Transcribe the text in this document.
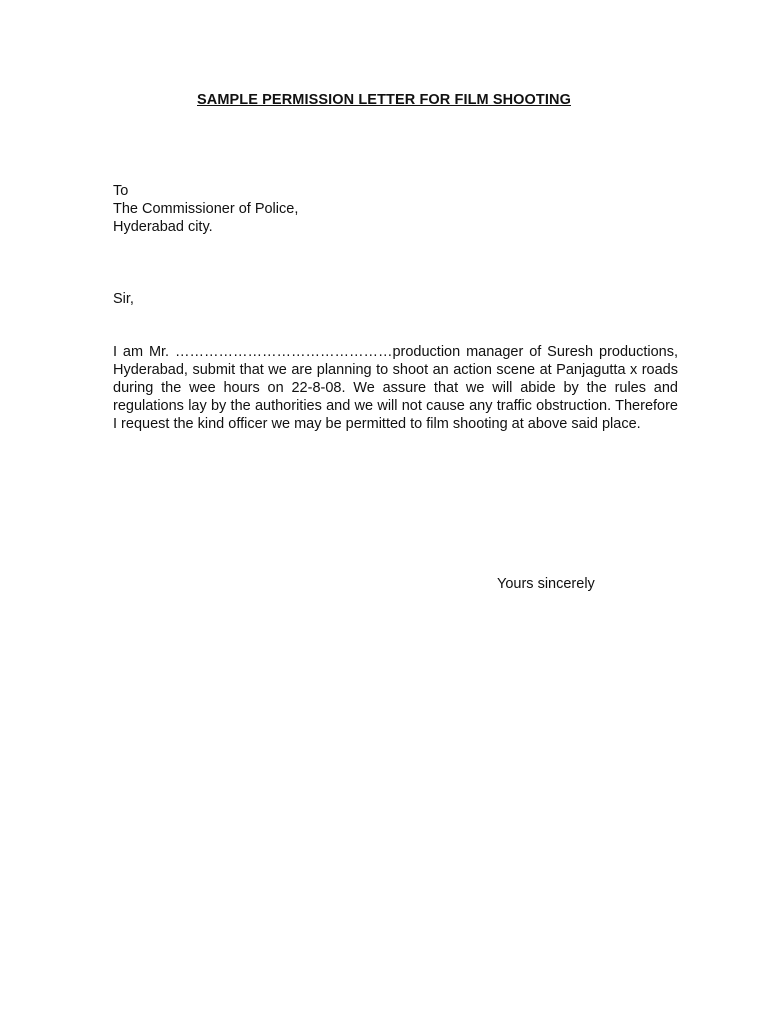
SAMPLE PERMISSION LETTER FOR FILM SHOOTING
To
The Commissioner of Police,
Hyderabad city.
Sir,

I am Mr. ………………………………………production manager of Suresh productions, Hyderabad, submit that we are planning to shoot an action scene at Panjagutta x roads during the wee hours on 22-8-08. We assure that we will abide by the rules and regulations lay by the authorities and we will not cause any traffic obstruction. Therefore I request the kind officer we may be permitted to film shooting at above said place.

Yours sincerely
